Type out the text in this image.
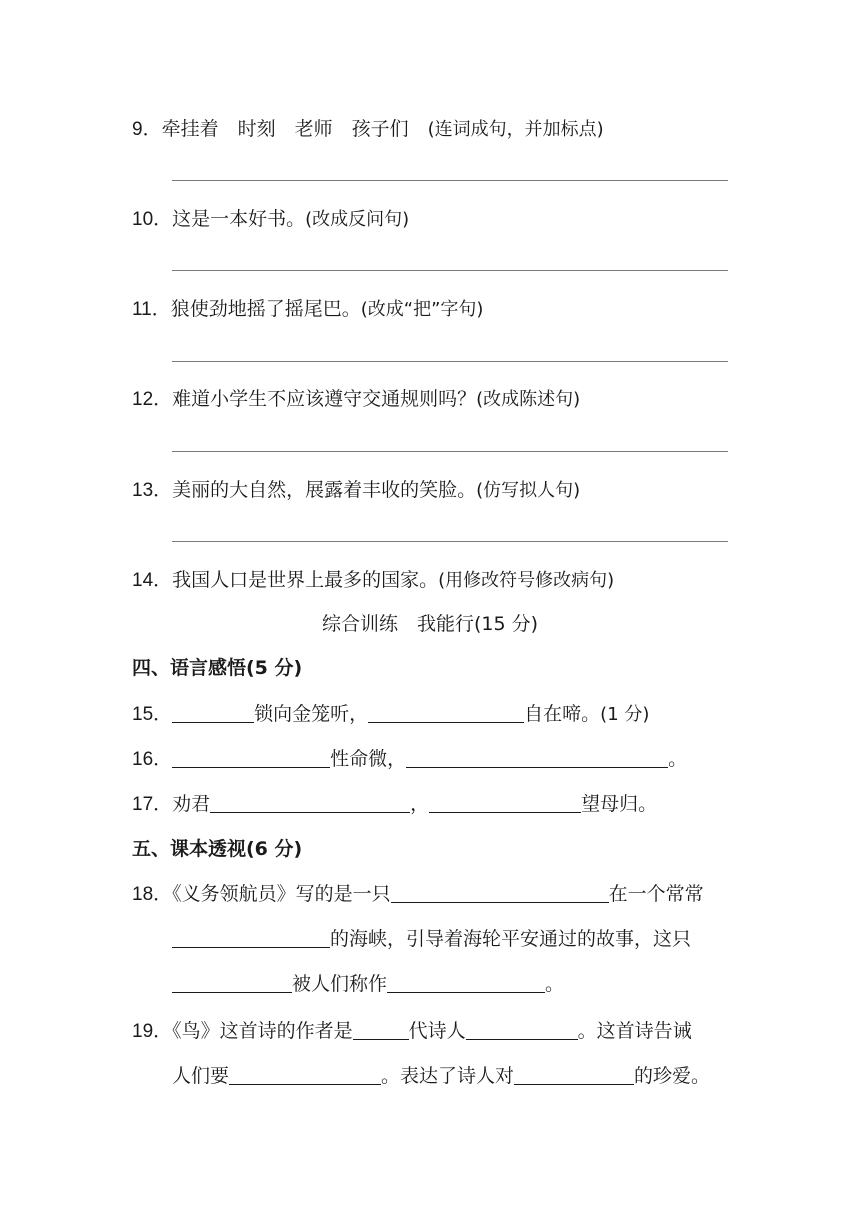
9．牵挂着　时刻　老师　孩子们　(连词成句，并加标点)
10．这是一本好书。(改成反问句)
11．狼使劲地摇了摇尾巴。(改成“把”字句)
12．难道小学生不应该遵守交通规则吗？(改成陈述句)
13．美丽的大自然，展露着丰收的笑脸。(仿写拟人句)
14．我国人口是世界上最多的国家。(用修改符号修改病句)
综合训练　我能行(15 分)
四、语言感悟(5 分)
15．	锁向金笼听，	自在啼。(1 分)
16．	性命微，	。
17．劝君	，	望母归。
五、课本透视(6 分)
18．《义务领航员》写的是一只	在一个常常
的海峡，引导着海轮平安通过的故事，这只
被人们称作	。
19．《鸟》这首诗的作者是	代诗人	。这首诗告诫
人们要	。表达了诗人对	的珍爱。
